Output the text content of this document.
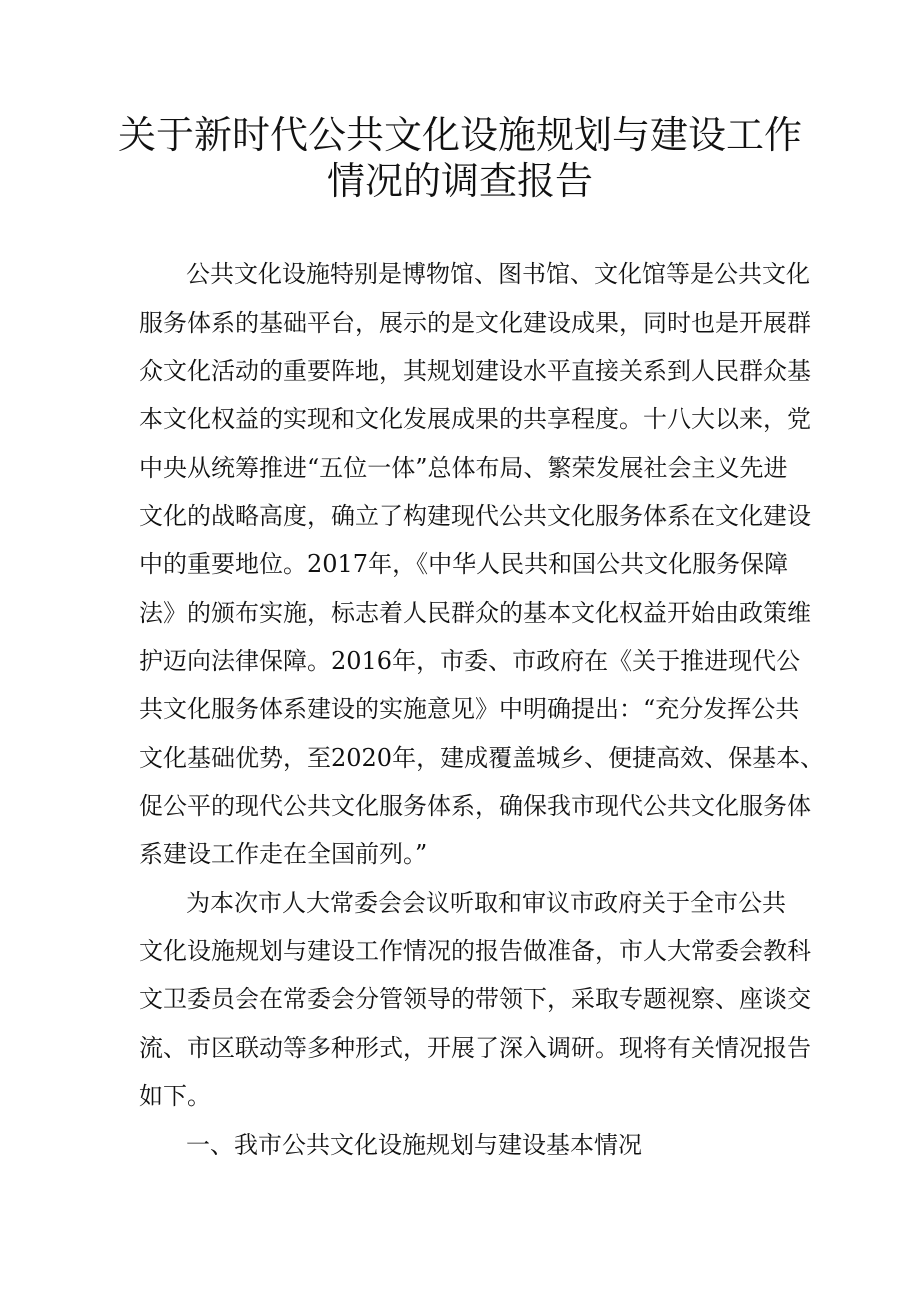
关于新时代公共文化设施规划与建设工作
情况的调查报告
公共文化设施特别是博物馆、图书馆、文化馆等是公共文化
服务体系的基础平台，展示的是文化建设成果，同时也是开展群
众文化活动的重要阵地，其规划建设水平直接关系到人民群众基
本文化权益的实现和文化发展成果的共享程度。十八大以来，党
中央从统筹推进“五位一体”总体布局、繁荣发展社会主义先进
文化的战略高度，确立了构建现代公共文化服务体系在文化建设
中的重要地位。2017年，《中华人民共和国公共文化服务保障
法》的颁布实施，标志着人民群众的基本文化权益开始由政策维
护迈向法律保障。2016年，市委、市政府在《关于推进现代公
共文化服务体系建设的实施意见》中明确提出：“充分发挥公共
文化基础优势，至2020年，建成覆盖城乡、便捷高效、保基本、
促公平的现代公共文化服务体系，确保我市现代公共文化服务体
系建设工作走在全国前列。”
为本次市人大常委会会议听取和审议市政府关于全市公共
文化设施规划与建设工作情况的报告做准备，市人大常委会教科
文卫委员会在常委会分管领导的带领下，采取专题视察、座谈交
流、市区联动等多种形式，开展了深入调研。现将有关情况报告
如下。
一、我市公共文化设施规划与建设基本情况
